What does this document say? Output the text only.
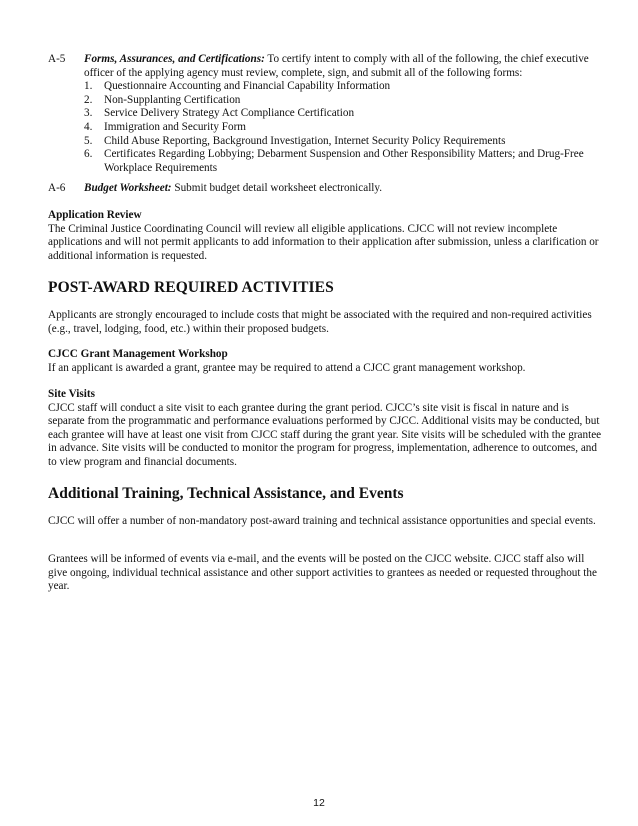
A-5 Forms, Assurances, and Certifications: To certify intent to comply with all of the following, the chief executive officer of the applying agency must review, complete, sign, and submit all of the following forms:
1. Questionnaire Accounting and Financial Capability Information
2. Non-Supplanting Certification
3. Service Delivery Strategy Act Compliance Certification
4. Immigration and Security Form
5. Child Abuse Reporting, Background Investigation, Internet Security Policy Requirements
6. Certificates Regarding Lobbying; Debarment Suspension and Other Responsibility Matters; and Drug-Free Workplace Requirements
A-6 Budget Worksheet: Submit budget detail worksheet electronically.
Application Review
The Criminal Justice Coordinating Council will review all eligible applications. CJCC will not review incomplete applications and will not permit applicants to add information to their application after submission, unless a clarification or additional information is requested.
POST-AWARD REQUIRED ACTIVITIES
Applicants are strongly encouraged to include costs that might be associated with the required and non-required activities (e.g., travel, lodging, food, etc.) within their proposed budgets.
CJCC Grant Management Workshop
If an applicant is awarded a grant, grantee may be required to attend a CJCC grant management workshop.
Site Visits
CJCC staff will conduct a site visit to each grantee during the grant period. CJCC’s site visit is fiscal in nature and is separate from the programmatic and performance evaluations performed by CJCC. Additional visits may be conducted, but each grantee will have at least one visit from CJCC staff during the grant year. Site visits will be scheduled with the grantee in advance. Site visits will be conducted to monitor the program for progress, implementation, adherence to outcomes, and to view program and financial documents.
Additional Training, Technical Assistance, and Events
CJCC will offer a number of non-mandatory post-award training and technical assistance opportunities and special events.
Grantees will be informed of events via e-mail, and the events will be posted on the CJCC website. CJCC staff also will give ongoing, individual technical assistance and other support activities to grantees as needed or requested throughout the year.
12
